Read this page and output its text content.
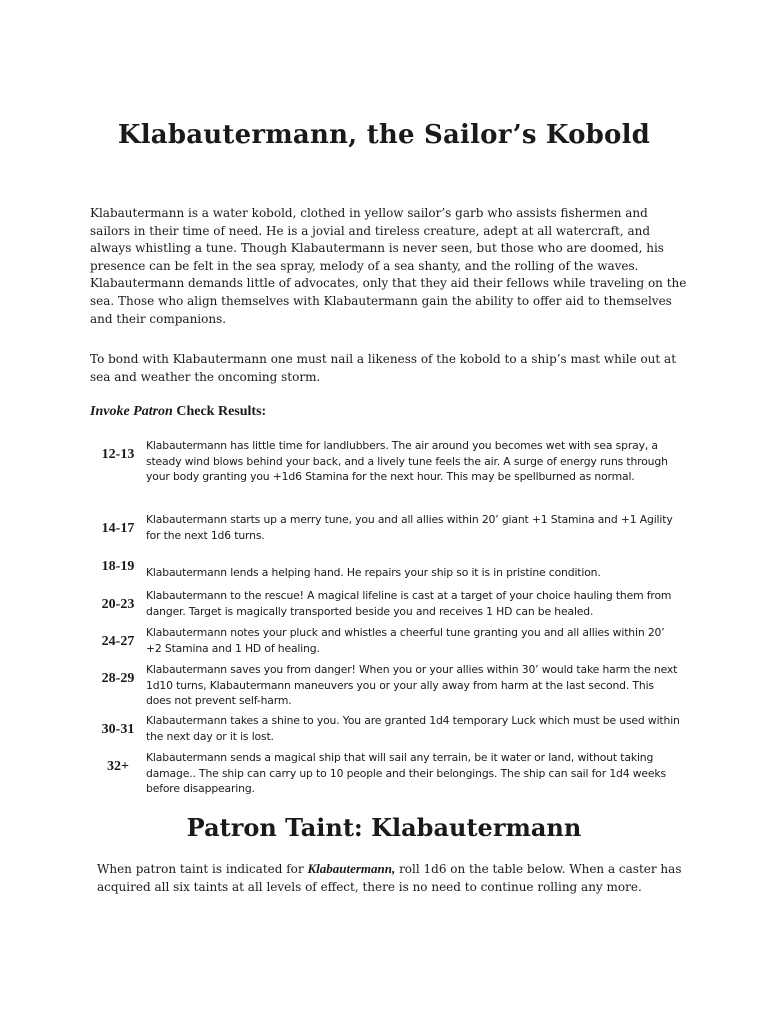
Klabautermann, the Sailor’s Kobold

Klabautermann is a water kobold, clothed in yellow sailor’s garb who assists fishermen and sailors in their time of need. He is a jovial and tireless creature, adept at all watercraft, and always whistling a tune. Though Klabautermann is never seen, but those who are doomed, his presence can be felt in the sea spray, melody of a sea shanty, and the rolling of the waves. Klabautermann demands little of advocates, only that they aid their fellows while traveling on the sea. Those who align themselves with Klabautermann gain the ability to offer aid to themselves and their companions.

To bond with Klabautermann one must nail a likeness of the kobold to a ship’s mast while out at sea and weather the oncoming storm.

Invoke Patron Check Results:

12-13
Klabautermann has little time for landlubbers. The air around you becomes wet with sea spray, a steady wind blows behind your back, and a lively tune feels the air. A surge of energy runs through your body granting you +1d6 Stamina for the next hour. This may be spellburned as normal.
14-17
Klabautermann starts up a merry tune, you and all allies within 20’ giant +1 Stamina and +1 Agility for the next 1d6 turns.
18-19	Klabautermann lends a helping hand. He repairs your ship so it is in pristine condition.
20-23
Klabautermann to the rescue! A magical lifeline is cast at a target of your choice hauling them from danger. Target is magically transported beside you and receives 1 HD can be healed.
24-27
Klabautermann notes your pluck and whistles a cheerful tune granting you and all allies within 20’ +2 Stamina and 1 HD of healing.
28-29
Klabautermann saves you from danger! When you or your allies within 30’ would take harm the next 1d10 turns, Klabautermann maneuvers you or your ally away from harm at the last second. This does not prevent self-harm.
30-31
Klabautermann takes a shine to you. You are granted 1d4 temporary Luck which must be used within the next day or it is lost.
32+
Klabautermann sends a magical ship that will sail any terrain, be it water or land, without taking damage.. The ship can carry up to 10 people and their belongings. The ship can sail for 1d4 weeks before disappearing.
Patron Taint: Klabautermann

When patron taint is indicated for Klabautermann, roll 1d6 on the table below. When a caster has acquired all six taints at all levels of effect, there is no need to continue rolling any more.
